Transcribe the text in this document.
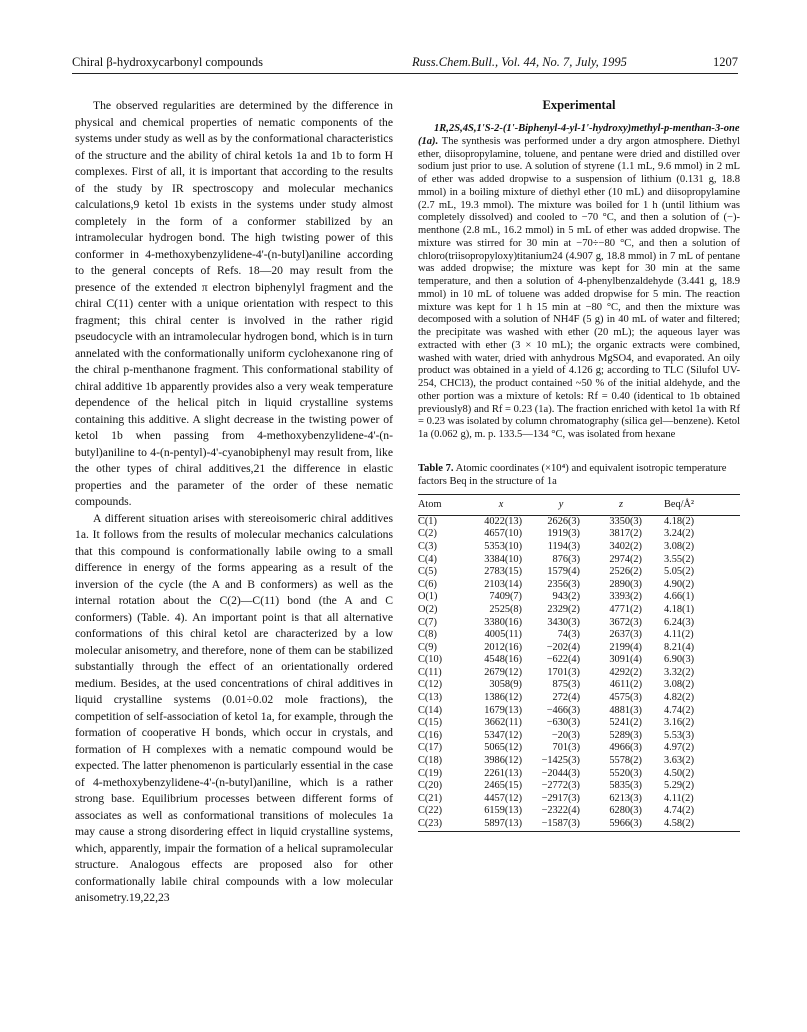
Chiral β-hydroxycarbonyl compounds	Russ.Chem.Bull., Vol. 44, No. 7, July, 1995	1207

The observed regularities are determined by the difference in physical and chemical properties of nematic components of the systems under study as well as by the conformational characteristics of the structure and the ability of chiral ketols 1a and 1b to form H complexes. First of all, it is important that according to the results of the study by IR spectroscopy and molecular mechanics calculations,9 ketol 1b exists in the systems under study almost completely in the form of a conformer stabilized by an intramolecular hydrogen bond. The high twisting power of this conformer in 4-methoxybenzylidene-4'-(n-butyl)aniline according to the general concepts of Refs. 18—20 may result from the presence of the extended π electron biphenylyl fragment and the chiral C(11) center with a unique orientation with respect to this fragment; this chiral center is involved in the rather rigid pseudocycle with an intramolecular hydrogen bond, which is in turn annelated with the conformationally uniform cyclohexanone ring of the chiral p-menthanone fragment. This conformational stability of chiral additive 1b apparently provides also a very weak temperature dependence of the helical pitch in liquid crystalline systems containing this additive. A slight decrease in the twisting power of ketol 1b when passing from 4-methoxybenzylidene-4'-(n-butyl)aniline to 4-(n-pentyl)-4'-cyanobiphenyl may result from, like the other types of chiral additives,21 the difference in elastic properties and the parameter of the order of these nematic compounds.

A different situation arises with stereoisomeric chiral additives 1a. It follows from the results of molecular mechanics calculations that this compound is conformationally labile owing to a small difference in energy of the forms appearing as a result of the inversion of the cycle (the A and B conformers) as well as the internal rotation about the C(2)—C(11) bond (the A and C conformers) (Table. 4). An important point is that all alternative conformations of this chiral ketol are characterized by a low molecular anisometry, and therefore, none of them can be stabilized substantially through the effect of an orientationally ordered medium. Besides, at the used concentrations of chiral additives in liquid crystalline systems (0.01÷0.02 mole fractions), the competition of self-association of ketol 1a, for example, through the formation of cooperative H bonds, which occur in crystals, and formation of H complexes with a nematic compound would be expected. The latter phenomenon is particularly essential in the case of 4-methoxybenzylidene-4'-(n-butyl)aniline, which is a rather strong base. Equilibrium processes between different forms of associates as well as conformational transitions of molecules 1a may cause a strong disordering effect in liquid crystalline systems, which, apparently, impair the formation of a helical supramolecular structure. Analogous effects are proposed also for other conformationally labile chiral compounds with a low molecular anisometry.19,22,23

Experimental

1R,2S,4S,1'S-2-(1'-Biphenyl-4-yl-1'-hydroxy)methyl-p-menthan-3-one (1a). The synthesis was performed under a dry argon atmosphere. Diethyl ether, diisopropylamine, toluene, and pentane were dried and distilled over sodium just prior to use. A solution of styrene (1.1 mL, 9.6 mmol) in 2 mL of ether was added dropwise to a suspension of lithium (0.131 g, 18.8 mmol) in a boiling mixture of diethyl ether (10 mL) and diisopropylamine (2.7 mL, 19.3 mmol). The mixture was boiled for 1 h (until lithium was completely dissolved) and cooled to −70 °C, and then a solution of (−)-menthone (2.8 mL, 16.2 mmol) in 5 mL of ether was added dropwise. The mixture was stirred for 30 min at −70÷−80 °C, and then a solution of chloro(triisopropyloxy)titanium24 (4.907 g, 18.8 mmol) in 7 mL of pentane was added dropwise; the mixture was kept for 30 min at the same temperature, and then a solution of 4-phenylbenzaldehyde (3.441 g, 18.9 mmol) in 10 mL of toluene was added dropwise for 5 min. The reaction mixture was kept for 1 h 15 min at −80 °C, and then the mixture was decomposed with a solution of NH4F (5 g) in 40 mL of water and filtered; the precipitate was washed with ether (20 mL); the aqueous layer was extracted with ether (3 × 10 mL); the organic extracts were combined, washed with water, dried with anhydrous MgSO4, and evaporated. An oily product was obtained in a yield of 4.126 g; according to TLC (Silufol UV-254, CHCl3), the product contained ~50 % of the initial aldehyde, and the other portion was a mixture of ketols: Rf = 0.40 (identical to 1b obtained previously8) and Rf = 0.23 (1a). The fraction enriched with ketol 1a with Rf = 0.23 was isolated by column chromatography (silica gel—benzene). Ketol 1a (0.062 g), m. p. 133.5—134 °C, was isolated from hexane

Table 7. Atomic coordinates (×10⁴) and equivalent isotropic temperature factors Beq in the structure of 1a
Atom	x	y	z	Beq/Å²
C(1)	4022(13)	2626(3)	3350(3)	4.18(2)
C(2)	4657(10)	1919(3)	3817(2)	3.24(2)
C(3)	5353(10)	1194(3)	3402(2)	3.08(2)
C(4)	3384(10)	876(3)	2974(2)	3.55(2)
C(5)	2783(15)	1579(4)	2526(2)	5.05(2)
C(6)	2103(14)	2356(3)	2890(3)	4.90(2)
O(1)	7409(7)	943(2)	3393(2)	4.66(1)
O(2)	2525(8)	2329(2)	4771(2)	4.18(1)
C(7)	3380(16)	3430(3)	3672(3)	6.24(3)
C(8)	4005(11)	74(3)	2637(3)	4.11(2)
C(9)	2012(16)	−202(4)	2199(4)	8.21(4)
C(10)	4548(16)	−622(4)	3091(4)	6.90(3)
C(11)	2679(12)	1701(3)	4292(2)	3.32(2)
C(12)	3058(9)	875(3)	4611(2)	3.08(2)
C(13)	1386(12)	272(4)	4575(3)	4.82(2)
C(14)	1679(13)	−466(3)	4881(3)	4.74(2)
C(15)	3662(11)	−630(3)	5241(2)	3.16(2)
C(16)	5347(12)	−20(3)	5289(3)	5.53(3)
C(17)	5065(12)	701(3)	4966(3)	4.97(2)
C(18)	3986(12)	−1425(3)	5578(2)	3.63(2)
C(19)	2261(13)	−2044(3)	5520(3)	4.50(2)
C(20)	2465(15)	−2772(3)	5835(3)	5.29(2)
C(21)	4457(12)	−2917(3)	6213(3)	4.11(2)
C(22)	6159(13)	−2322(4)	6280(3)	4.74(2)
C(23)	5897(13)	−1587(3)	5966(3)	4.58(2)
